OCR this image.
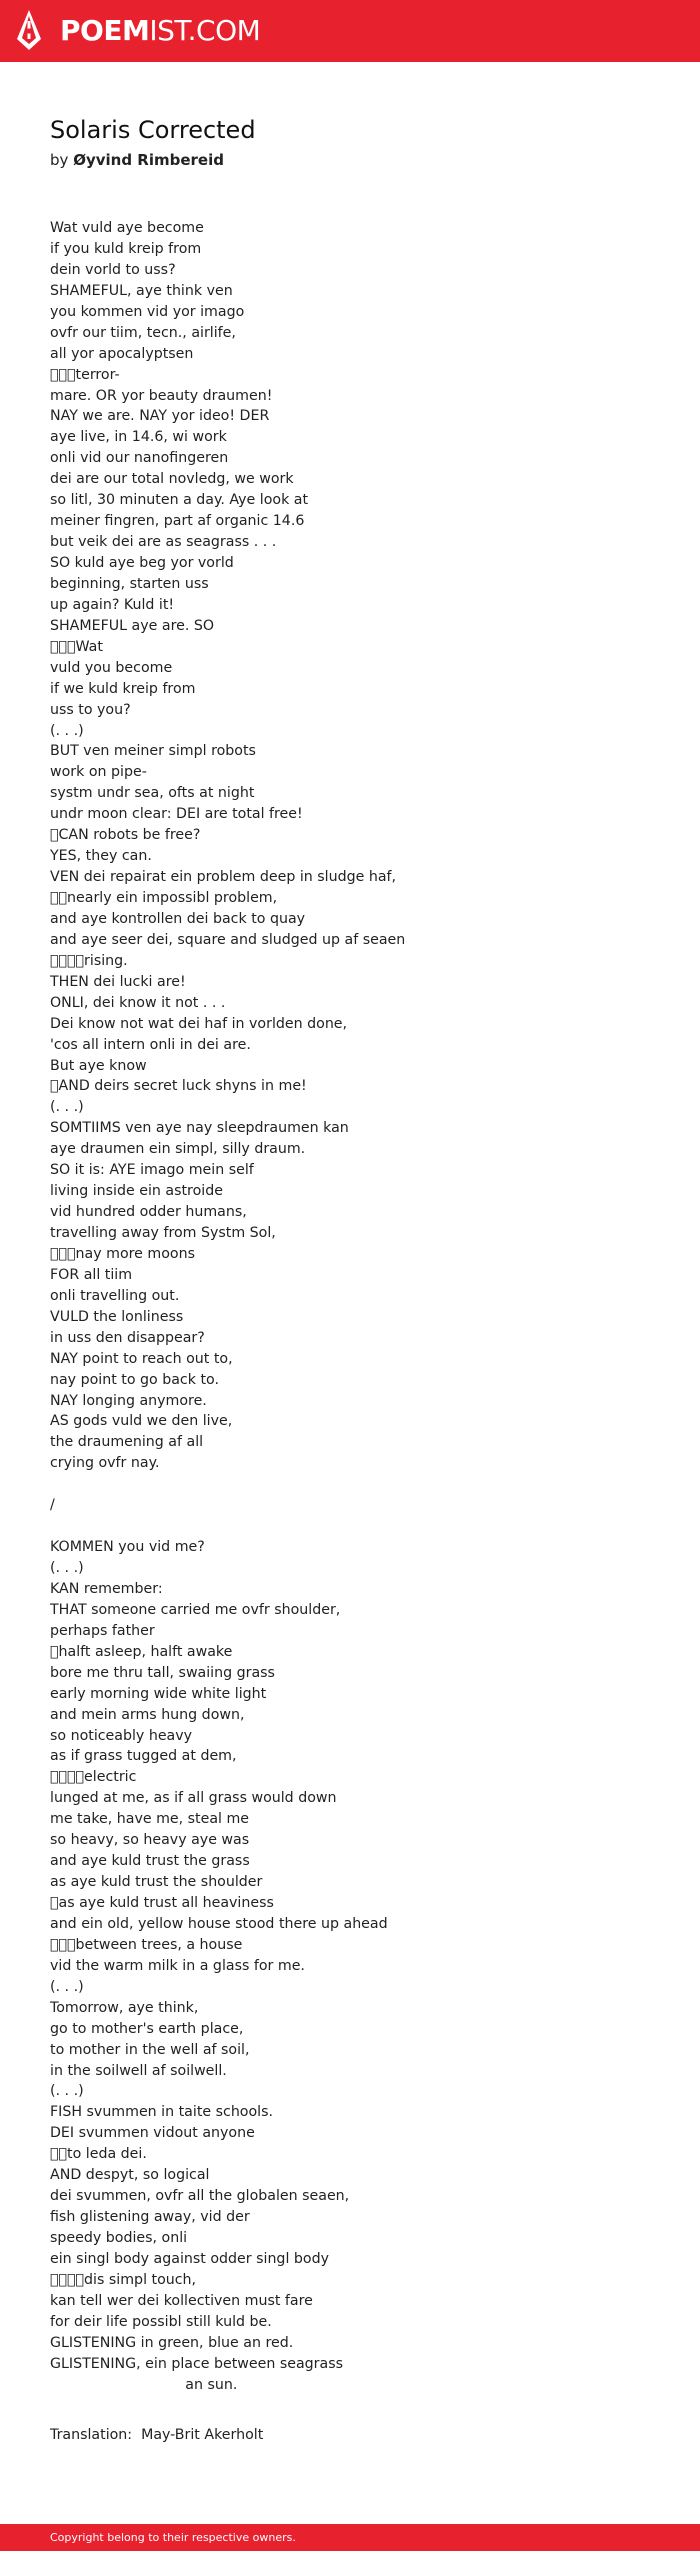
POEMIST.COM
Solaris Corrected
by Øyvind Rimbereid
Wat vuld aye become
if you kuld kreip from
dein vorld to uss?
SHAMEFUL, aye think ven
you kommen vid yor imago
ovfr our tiim, tecn., airlife,
all yor apocalyptsen
   terror-
mare. OR yor beauty draumen!
NAY we are. NAY yor ideo! DER
aye live, in 14.6, wi work
onli vid our nanofingeren
dei are our total novledg, we work
so litl, 30 minuten a day. Aye look at
meiner fingren, part af organic 14.6
but veik dei are as seagrass . . .
SO kuld aye beg yor vorld
beginning, starten uss
up again? Kuld it!
SHAMEFUL aye are. SO
   Wat
vuld you become
if we kuld kreip from
uss to you?
(. . .)
BUT ven meiner simpl robots
work on pipe-
systm undr sea, ofts at night
undr moon clear: DEI are total free!
 CAN robots be free?
YES, they can.
VEN dei repairat ein problem deep in sludge haf,
  nearly ein impossibl problem,
and aye kontrollen dei back to quay
and aye seer dei, square and sludged up af seaen
    rising.
THEN dei lucki are!
ONLI, dei know it not . . .
Dei know not wat dei haf in vorlden done,
'cos all intern onli in dei are.
But aye know
 AND deirs secret luck shyns in me!
(. . .)
SOMTIIMS ven aye nay sleepdraumen kan
aye draumen ein simpl, silly draum.
SO it is: AYE imago mein self
living inside ein astroide
vid hundred odder humans,
travelling away from Systm Sol,
   nay more moons
FOR all tiim
onli travelling out.
VULD the lonliness
in uss den disappear?
NAY point to reach out to,
nay point to go back to.
NAY longing anymore.
AS gods vuld we den live,
the draumening af all
crying ovfr nay.
/
KOMMEN you vid me?
(. . .)
KAN remember:
THAT someone carried me ovfr shoulder,
perhaps father
 halft asleep, halft awake
bore me thru tall, swaiing grass
early morning wide white light
and mein arms hung down,
so noticeably heavy
as if grass tugged at dem,
    electric
lunged at me, as if all grass would down
me take, have me, steal me
so heavy, so heavy aye was
and aye kuld trust the grass
as aye kuld trust the shoulder
 as aye kuld trust all heaviness
and ein old, yellow house stood there up ahead
   between trees, a house
vid the warm milk in a glass for me.
(. . .)
Tomorrow, aye think,
go to mother's earth place,
to mother in the well af soil,
in the soilwell af soilwell.
(. . .)
FISH svummen in taite schools.
DEI svummen vidout anyone
  to leda dei.
AND despyt, so logical
dei svummen, ovfr all the globalen seaen,
fish glistening away, vid der
speedy bodies, onli
ein singl body against odder singl body
    dis simpl touch,
kan tell wer dei kollectiven must fare
for deir life possibl still kuld be.
GLISTENING in green, blue an red.
GLISTENING, ein place between seagrass
an sun.
Translation:  May-Brit Akerholt
Copyright belong to their respective owners.
